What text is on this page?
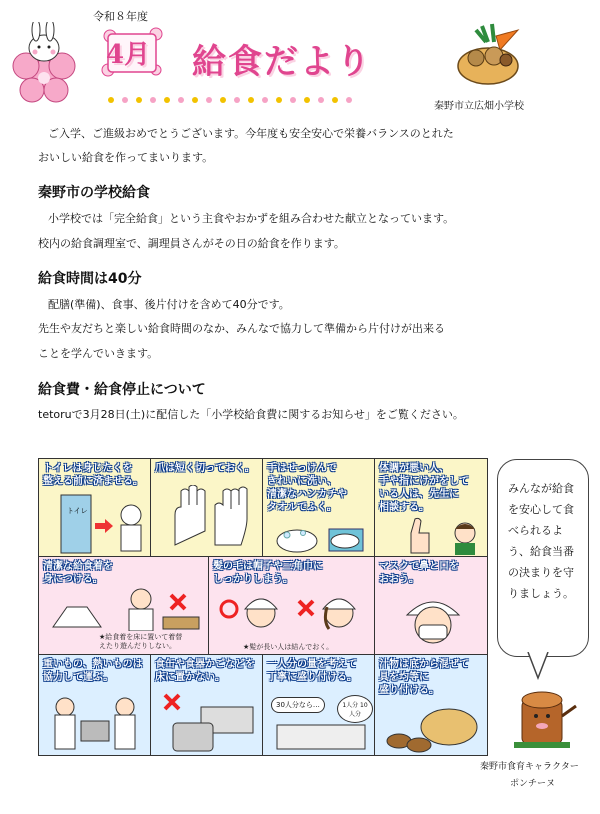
令和８年度
4月 給食だより
秦野市立広畑小学校
ご入学、ご進級おめでとうございます。今年度も安全安心で栄養バランスのとれた
おいしい給食を作ってまいります。
秦野市の学校給食
小学校では「完全給食」という主食やおかずを組み合わせた献立となっています。
校内の給食調理室で、調理員さんがその日の給食を作ります。
給食時間は40分
配膳(準備)、食事、後片付けを含めて40分です。
先生や友だちと楽しい給食時間のなか、みんなで協力して準備から片付けが出来る
ことを学んでいきます。
給食費・給食停止について
tetoruで3月28日(土)に配信した「小学校給食費に関するお知らせ」をご覧ください。
トイレは身じたくを
整える前に済ませる。
トイレ
爪は短く切っておく。 手はせっけんで
きれいに洗い、
清潔なハンカチや
タオルでふく。
体調が悪い人、
手や指にけがをして
いる人は、先生に
相談する。
清潔な給食着を
身につける。
★給食着を床に置いて着替
えたり遊んだりしない。
髪の毛は帽子や三角巾に
しっかりしまう。
★髪が長い人は結んでおく。
マスクで鼻と口を
おおう。
重いもの、熱いものは
協力して運ぶ。
食缶や食器かごなどを
床に置かない。
一人分の量を考えて
丁寧に盛り付ける。
30人分なら…	1人分 10人分
汁物は底から混ぜて
具を均等に
盛り付ける。
みんなが給食を安心して食べられるよう、給食当番の決まりを守りましょう。
秦野市食育キャラクター
ポンチーヌ
